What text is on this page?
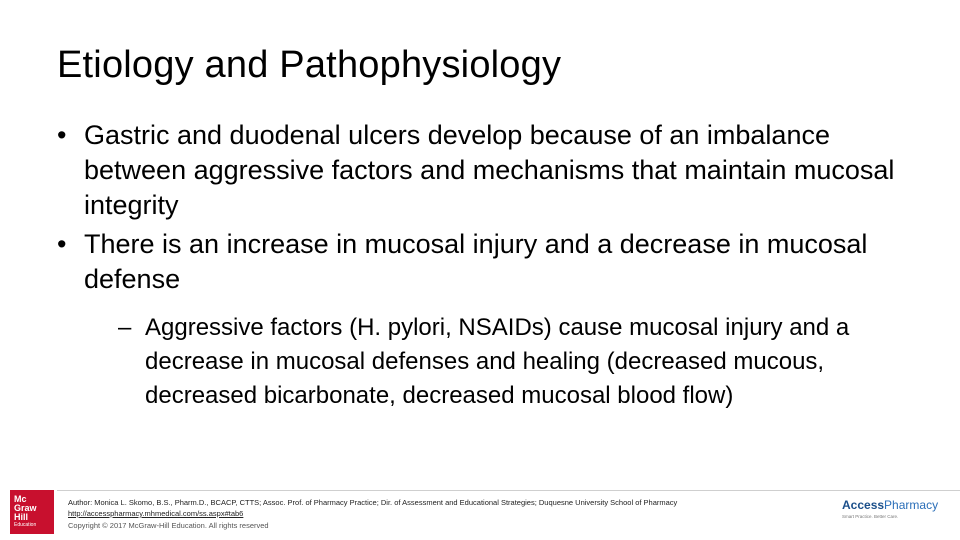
Etiology and Pathophysiology
• Gastric and duodenal ulcers develop because of an imbalance between aggressive factors and mechanisms that maintain mucosal integrity
• There is an increase in mucosal injury and a decrease in mucosal defense
– Aggressive factors (H. pylori, NSAIDs) cause mucosal injury and a decrease in mucosal defenses and healing (decreased mucous, decreased bicarbonate, decreased mucosal blood flow)
Mc
Graw
Hill
Education
Author: Monica L. Skomo, B.S., Pharm.D., BCACP, CTTS; Assoc. Prof. of Pharmacy Practice; Dir. of Assessment and Educational Strategies; Duquesne University School of Pharmacy
http://accesspharmacy.mhmedical.com/ss.aspx#tab6
Copyright © 2017 McGraw-Hill Education. All rights reserved
AccessPharmacy
Smart Practice. Better Care.
